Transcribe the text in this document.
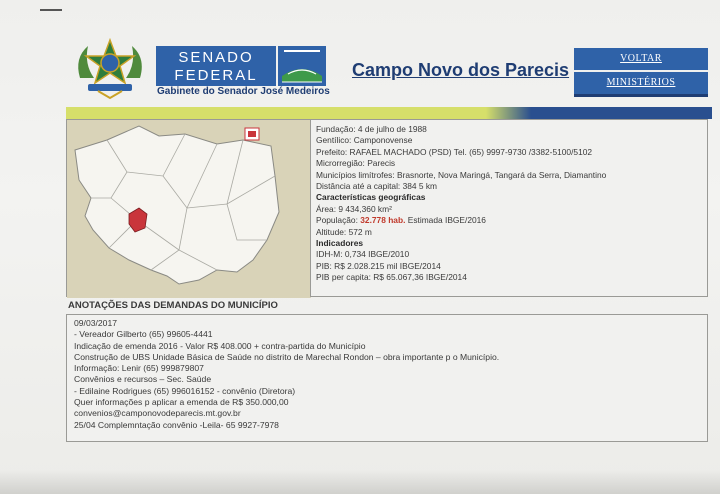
SENADO
FEDERAL
Gabinete do Senador José Medeiros
Campo Novo dos Parecis
VOLTAR
MINISTÉRIOS
Fundação: 4 de julho de 1988
Gentílico: Camponovense
Prefeito: RAFAEL MACHADO (PSD) Tel. (65) 9997-9730 /3382-5100/5102
Microrregião: Parecis
Municípios limítrofes: Brasnorte, Nova Maringá, Tangará da Serra, Diamantino
Distância até a capital: 384 5 km
Características geográficas
Área: 9 434,360 km²
População: 32.778 hab. Estimada IBGE/2016
Altitude: 572 m
Indicadores
IDH-M: 0,734 IBGE/2010
PIB: R$ 2.028.215 mil IBGE/2014
PIB per capita: R$ 65.067,36 IBGE/2014
ANOTAÇÕES DAS DEMANDAS DO MUNICÍPIO
09/03/2017
- Vereador Gilberto (65) 99605-4441
Indicação de emenda 2016 - Valor R$ 408.000 + contra-partida do Município
Construção de UBS Unidade Básica de Saúde no distrito de Marechal Rondon – obra importante p o Município.
Informação: Lenir (65) 999879807
Convênios e recursos – Sec. Saúde
- Edilaine Rodrigues (65) 996016152 - convênio (Diretora)
Quer informações p aplicar a emenda de R$ 350.000,00
convenios@camponovodeparecis.mt.gov.br
25/04 Complemntação convênio -Leila- 65 9927-7978
